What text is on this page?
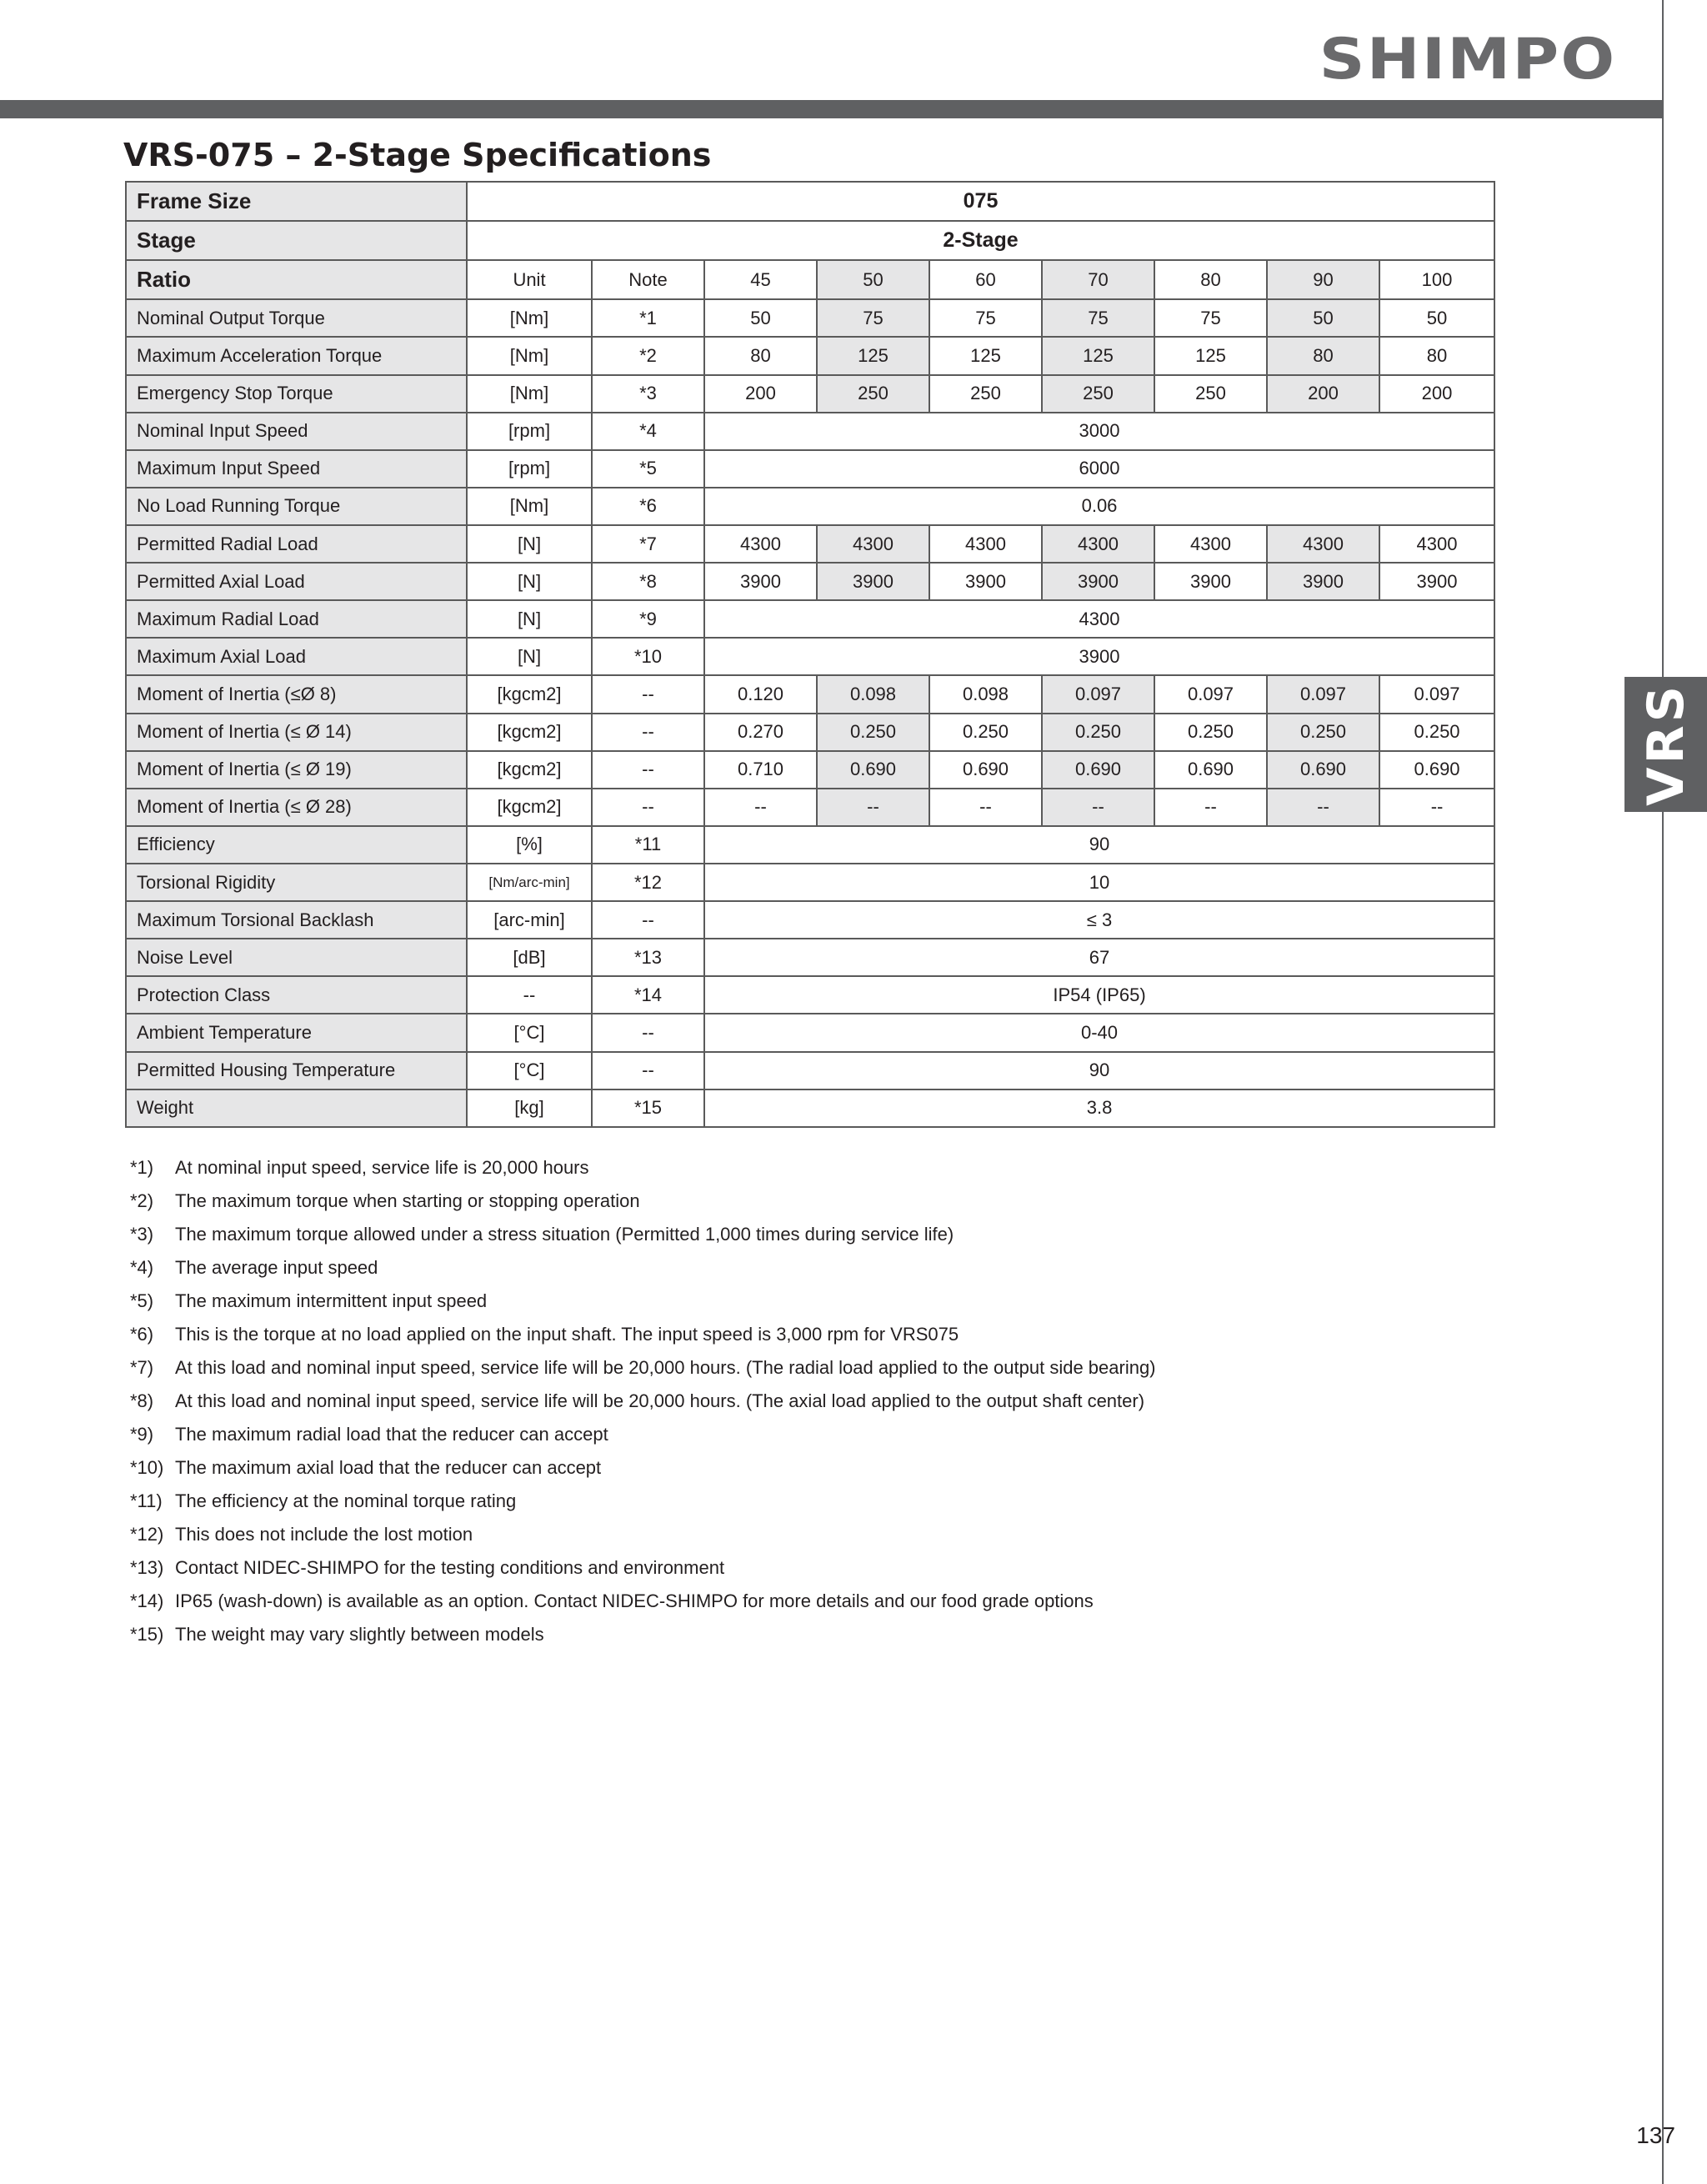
SHIMPO
VRS
VRS-075 – 2-Stage Specifications
Frame Size	075								
Stage	2-Stage								
Ratio	Unit	Note	45	50	60	70	80	90	100
Nominal Output Torque	[Nm]	*1	50	75	75	75	75	50	50
Maximum Acceleration Torque	[Nm]	*2	80	125	125	125	125	80	80
Emergency Stop Torque	[Nm]	*3	200	250	250	250	250	200	200
Nominal Input Speed	[rpm]	*4	3000						
Maximum Input Speed	[rpm]	*5	6000						
No Load Running Torque	[Nm]	*6	0.06						
Permitted Radial Load	[N]	*7	4300	4300	4300	4300	4300	4300	4300
Permitted Axial Load	[N]	*8	3900	3900	3900	3900	3900	3900	3900
Maximum Radial Load	[N]	*9	4300						
Maximum Axial Load	[N]	*10	3900						
Moment of Inertia (≤Ø 8)	[kgcm2]	--	0.120	0.098	0.098	0.097	0.097	0.097	0.097
Moment of Inertia (≤ Ø 14)	[kgcm2]	--	0.270	0.250	0.250	0.250	0.250	0.250	0.250
Moment of Inertia (≤ Ø 19)	[kgcm2]	--	0.710	0.690	0.690	0.690	0.690	0.690	0.690
Moment of Inertia (≤ Ø 28)	[kgcm2]	--	--	--	--	--	--	--	--
Efficiency	[%]	*11	90						
Torsional Rigidity	[Nm/arc-min]	*12	10						
Maximum Torsional Backlash	[arc-min]	--	≤ 3						
Noise Level	[dB]	*13	67						
Protection Class	--	*14	IP54 (IP65)						
Ambient Temperature	[°C]	--	0-40						
Permitted Housing Temperature	[°C]	--	90						
Weight	[kg]	*15	3.8						
*1)	At nominal input speed, service life is 20,000 hours
*2)	The maximum torque when starting or stopping operation
*3)	The maximum torque allowed under a stress situation (Permitted 1,000 times during service life)
*4)	The average input speed
*5)	The maximum intermittent input speed
*6)	This is the torque at no load applied on the input shaft. The input speed is 3,000 rpm for VRS075
*7)	At this load and nominal input speed, service life will be 20,000 hours. (The radial load applied to the output side bearing)
*8)	At this load and nominal input speed, service life will be 20,000 hours. (The axial load applied to the output shaft center)
*9)	The maximum radial load that the reducer can accept
*10) The maximum axial load that the reducer can accept
*11) The efficiency at the nominal torque rating
*12) This does not include the lost motion
*13) Contact NIDEC-SHIMPO for the testing conditions and environment
*14) IP65 (wash-down) is available as an option. Contact NIDEC-SHIMPO for more details and our food grade options
*15) The weight may vary slightly between models
137
